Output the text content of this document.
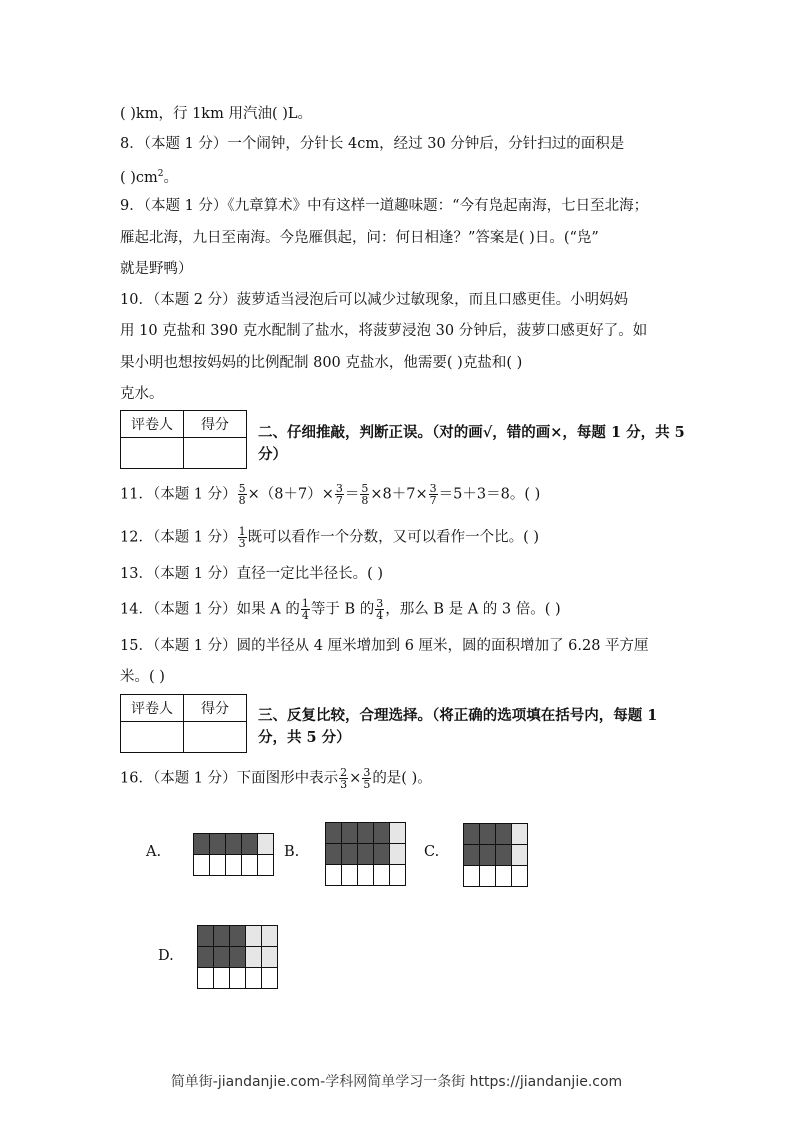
( )km，行 1km 用汽油( )L。
8．（本题 1 分）一个闹钟，分针长 4cm，经过 30 分钟后，分针扫过的面积是
( )$cm^2$。
9．（本题 1 分）《九章算术》中有这样一道趣味题：“今有凫起南海，七日至北海；
雁起北海，九日至南海。今凫雁俱起，问：何日相逢？”答案是( )日。(“凫”
就是野鸭）
10．（本题 2 分）菠萝适当浸泡后可以减少过敏现象，而且口感更佳。小明妈妈
用 10 克盐和 390 克水配制了盐水，将菠萝浸泡 30 分钟后，菠萝口感更好了。如
果小明也想按妈妈的比例配制 800 克盐水，他需要( )克盐和( )
克水。
评卷人	得分
	二、仔细推敲，判断正误。（对的画√，错的画×，每题 1 分，共 5 分）
11．（本题 1 分） $\frac{5}{8} \times(8+7)\times \frac{3}{7} = \frac{5}{8} \times 8+7\times \frac{3}{7} =5+3=8$。( )
12．（本题 1 分） $\frac{1}{3}$ 既可以看作一个分数，又可以看作一个比。( )
13．（本题 1 分）直径一定比半径长。( )
14．（本题 1 分）如果 A 的 $\frac{1}{4}$ 等于 B 的 $\frac{3}{4}$ ，那么 B 是 A 的 3 倍。( )
15．（本题 1 分）圆的半径从 4 厘米增加到 6 厘米，圆的面积增加了 6.28 平方厘
米。( )
评卷人	得分
	三、反复比较，合理选择。（将正确的选项填在括号内，每题 1 分，共 5 分）
16．（本题 1 分）下面图形中表示 $\frac{2}{3} \times \frac{3}{5}$ 的是( )。
A.	B.	C.
D.
简单街-jiandanjie.com-学科网简单学习一条街 https://jiandanjie.com
